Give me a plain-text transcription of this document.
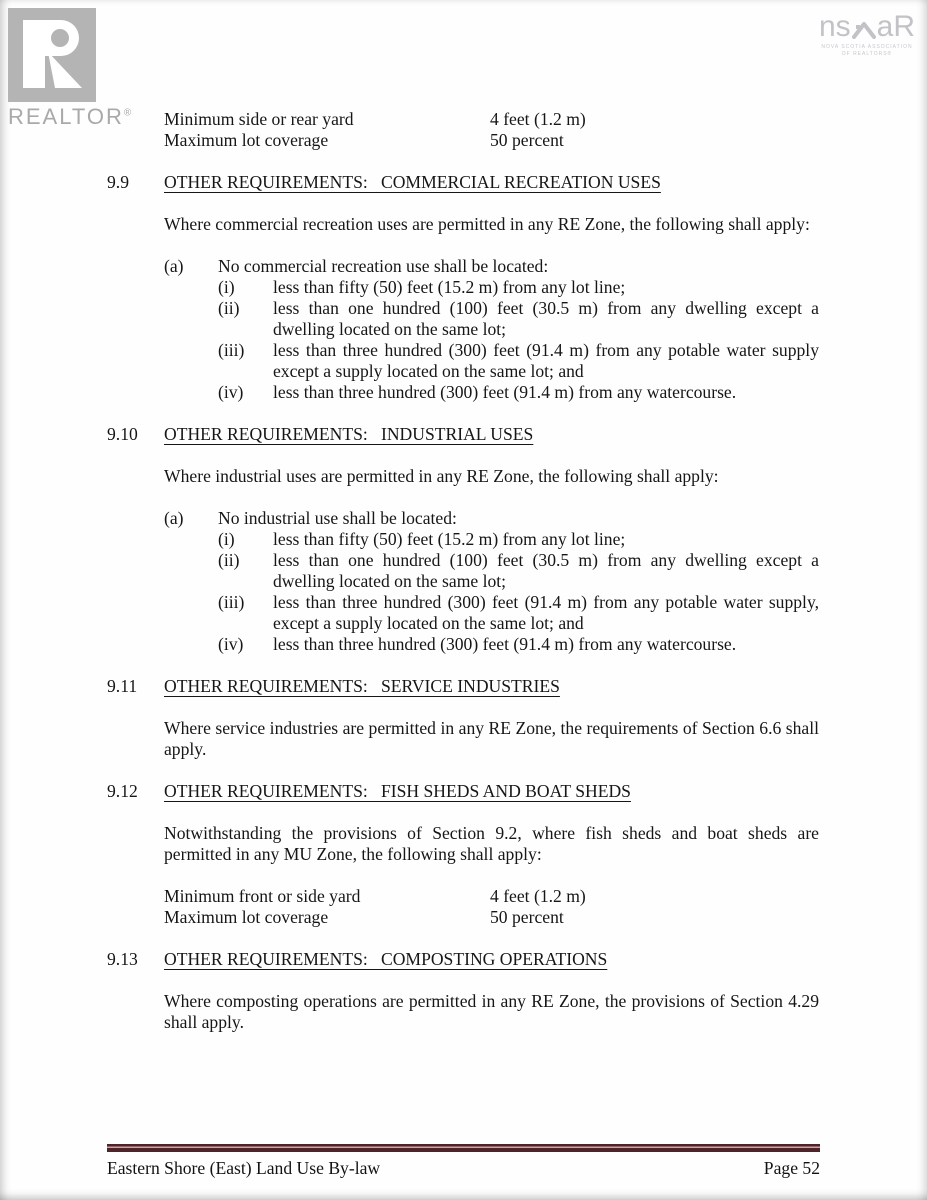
REALTOR®
ns aR
NOVA SCOTIA ASSOCIATION
OF REALTORS®
Minimum side or rear yard	4 feet (1.2 m)
Maximum lot coverage	50 percent
9.9	OTHER REQUIREMENTS:   COMMERCIAL RECREATION USES
Where commercial recreation uses are permitted in any RE Zone, the following shall apply:
(a)	No commercial recreation use shall be located:
(i)	less than fifty (50) feet (15.2 m) from any lot line;
(ii)	less than one hundred (100) feet (30.5 m) from any dwelling except a dwelling located on the same lot;
(iii)	less than three hundred (300) feet (91.4 m) from any potable water supply except a supply located on the same lot; and
(iv)	less than three hundred (300) feet (91.4 m) from any watercourse.
9.10	OTHER REQUIREMENTS:   INDUSTRIAL USES
Where industrial uses are permitted in any RE Zone, the following shall apply:
(a)	No industrial use shall be located:
(i)	less than fifty (50) feet (15.2 m) from any lot line;
(ii)	less than one hundred (100) feet (30.5 m) from any dwelling except a dwelling located on the same lot;
(iii)	less than three hundred (300) feet (91.4 m) from any potable water supply, except a supply located on the same lot; and
(iv)	less than three hundred (300) feet (91.4 m) from any watercourse.
9.11	OTHER REQUIREMENTS:   SERVICE INDUSTRIES
Where service industries are permitted in any RE Zone, the requirements of Section 6.6 shall apply.
9.12	OTHER REQUIREMENTS:   FISH SHEDS AND BOAT SHEDS
Notwithstanding the provisions of Section 9.2, where fish sheds and boat sheds are permitted in any MU Zone, the following shall apply:
Minimum front or side yard	4 feet (1.2 m)
Maximum lot coverage	50 percent
9.13	OTHER REQUIREMENTS:   COMPOSTING OPERATIONS
Where composting operations are permitted in any RE Zone, the provisions of Section 4.29 shall apply.
Eastern Shore (East) Land Use By-law	Page 52
